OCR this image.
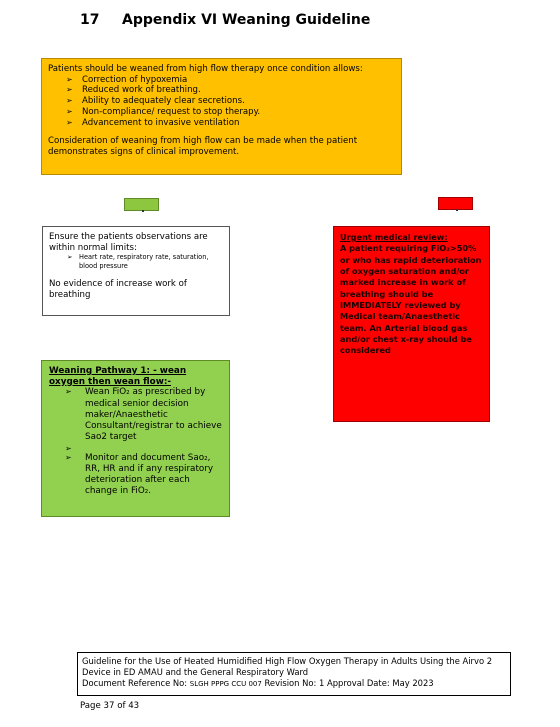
17 Appendix VI Weaning Guideline
Patients should be weaned from high flow therapy once condition allows:
➢ Correction of hypoxemia
➢ Reduced work of breathing.
➢ Ability to adequately clear secretions.
➢ Non-compliance/ request to stop therapy.
➢ Advancement to invasive ventilation
Consideration of weaning from high flow can be made when the patient demonstrates signs of clinical improvement.
Ensure the patients observations are within normal limits:
➢ Heart rate, respiratory rate, saturation, blood pressure
No evidence of increase work of breathing
Urgent medical review:
A patient requiring FiO₂>50% or who has rapid deterioration of oxygen saturation and/or marked increase in work of breathing should be IMMEDIATELY reviewed by Medical team/Anaesthetic team. An Arterial blood gas and/or chest x-ray should be considered
Weaning Pathway 1: - wean oxygen then wean flow:-
➢ Wean FiO₂ as prescribed by medical senior decision maker/Anaesthetic Consultant/registrar to achieve Sao2 target
➢
➢ Monitor and document Sao₂, RR, HR and if any respiratory deterioration after each change in FiO₂.
Guideline for the Use of Heated Humidified High Flow Oxygen Therapy in Adults Using the Airvo 2 Device in ED AMAU and the General Respiratory Ward
Document Reference No: SLGH PPPG CCU 007 Revision No: 1 Approval Date: May 2023
Page 37 of 43
